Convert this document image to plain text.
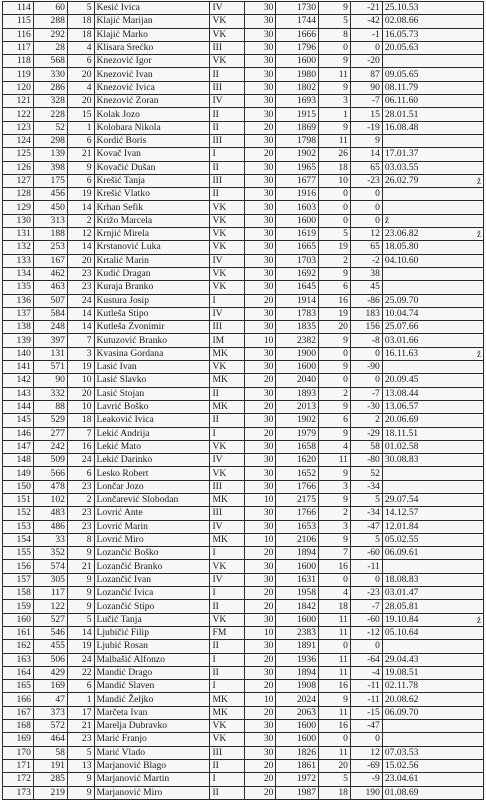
114	60	5	Kesić Ivica	IV	30	1730	9	-21	25.10.53
115	288	18	Klajić Marijan	VK	30	1744	5	-42	02.08.66
116	292	18	Klajić Marko	VK	30	1666	8	-1	16.05.73
117	28	4	Klisara Srećko	III	30	1796	0	0	20.05.63
118	568	6	Knezović Igor	VK	30	1600	9	-20	
119	330	20	Knezović Ivan	II	30	1980	11	87	09.05.65
120	286	4	Knezović Ivica	III	30	1802	9	90	08.11.79
121	328	20	Knezović Zoran	IV	30	1693	3	-7	06.11.60
122	228	15	Kolak Jozo	II	30	1915	1	15	28.01.51
123	52	1	Kolobara Nikola	II	20	1869	9	-19	16.08.48
124	298	6	Kordić Boris	III	30	1798	11	9	
125	139	21	Kovač Ivan	I	20	1902	26	14	17.01.37
126	398	9	Kovačić Dušan	II	30	1965	18	65	03.03.55
127	175	6	Krešić Tanja	III	30	1677	10	-23	26.02.79 ž

128	456	19	Krešić Vlatko	II	30	1916	0	0	
129	450	14	Krhan Sefik	VK	30	1603	0	0	
130	313	2	Križo Marcela	VK	30	1600	0	0	ž
131	188	12	Krnjić Mirela	VK	30	1619	5	12	23.06.82 ž

132	253	14	Krstanović Luka	VK	30	1665	19	65	18.05.80
133	167	20	Krtalić Marin	IV	30	1703	2	-2	04.10.60
134	462	23	Kudić Dragan	VK	30	1692	9	38	
135	463	23	Kuraja Branko	VK	30	1645	6	45	
136	507	24	Kustura Josip	I	20	1914	16	-86	25.09.70
137	584	14	Kutleša Stipo	IV	30	1783	19	183	10.04.74
138	248	14	Kutleša Zvonimir	III	30	1835	20	156	25.07.66
139	397	7	Kutuzović Branko	IM	10	2382	9	-8	03.01.66
140	131	3	Kvasina Gordana	MK	30	1900	0	0	16.11.63 ž

141	571	19	Lasić Ivan	VK	30	1600	9	-90	
142	90	10	Lasić Slavko	MK	20	2040	0	0	20.09.45
143	332	20	Lasić Stojan	II	30	1893	2	-7	13.08.44
144	88	10	Lavrić Boško	MK	20	2013	9	-30	13.06.57
145	529	18	Leaković Ivica	II	30	1902	6	2	20.06.69
146	277	7	Lekić Andrija	I	20	1979	9	-29	18.11.51
147	242	16	Lekić Mato	VK	30	1658	4	58	01.02.58
148	509	24	Lekić Darinko	IV	30	1620	11	-80	30.08.83
149	566	6	Lesko Robert	VK	30	1652	9	52	
150	478	23	Lončar Jozo	III	30	1766	3	-34	
151	102	2	Lončarević Slobodan	MK	10	2175	9	5	29.07.54
152	483	23	Lovrić Ante	III	30	1766	2	-34	14.12.57
153	486	23	Lovrić Marin	IV	30	1653	3	-47	12.01.84
154	33	8	Lovrić Miro	MK	10	2106	9	5	05.02.55
155	352	9	Lozančić Boško	I	20	1894	7	-60	06.09.61
156	574	21	Lozančić Branko	VK	30	1600	16	-11	
157	305	9	Lozančić Ivan	IV	30	1631	0	0	18.08.83
158	117	9	Lozančić Ivica	I	20	1958	4	-23	03.01.47
159	122	9	Lozančić Stipo	II	20	1842	18	-7	28.05.81
160	527	5	Lučić Tanja	VK	30	1600	11	-60	19.10.84 ž

161	546	14	Ljubičić Filip	FM	10	2383	11	-12	05.10.64
162	455	19	Ljubić Rosan	II	30	1891	0	0	
163	506	24	Malbašić Alfonzo	I	20	1936	11	-64	29.04.43
164	429	22	Mandić Drago	II	30	1894	11	-4	19.08.51
165	169	6	Mandić Slaven	I	20	1908	16	-11	02.11.78
166	47	1	Mandić Željko	MK	10	2024	9	-11	20.08.62
167	373	17	Marčeta Ivan	MK	20	2063	11	-15	06.09.70
168	572	21	Marelja Dubravko	VK	30	1600	16	-47	
169	464	23	Marić Franjo	VK	30	1600	0	0	
170	58	5	Marić Vlado	III	30	1826	11	12	07.03.53
171	191	13	Marjanović Blago	II	20	1861	20	-69	15.02.56
172	285	9	Marjanović Martin	I	20	1972	5	-9	23.04.61
173	219	9	Marjanović Miro	II	20	1987	18	190	01.08.69
